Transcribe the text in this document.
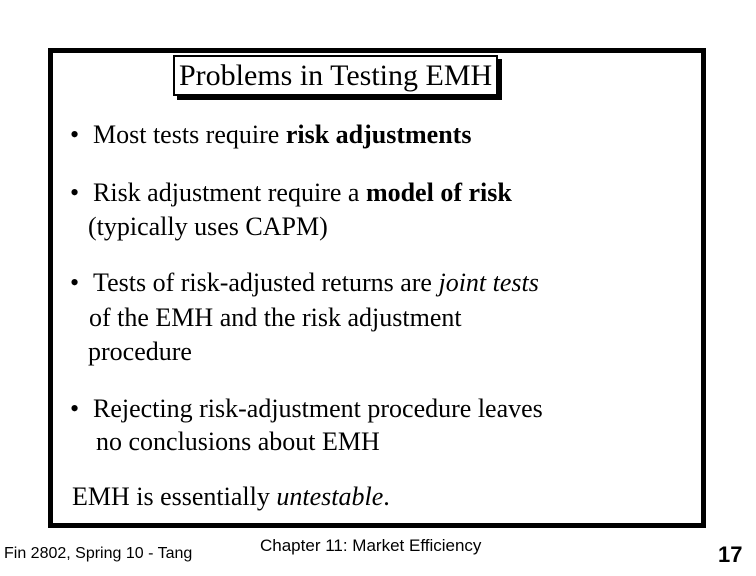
Problems in Testing EMH
• Most tests require risk adjustments
• Risk adjustment require a model of risk
(typically uses CAPM)
• Tests of risk-adjusted returns are joint tests
of the EMH and the risk adjustment
procedure
• Rejecting risk-adjustment procedure leaves
no conclusions about EMH
EMH is essentially untestable.
Fin 2802, Spring 10 - Tang	Chapter 11: Market Efficiency	17
